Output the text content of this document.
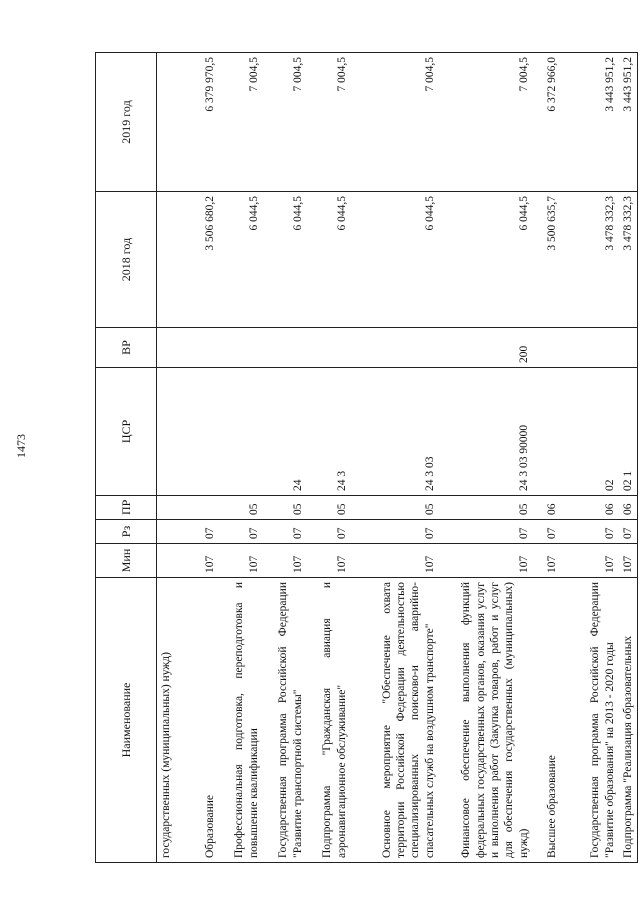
1473
Наименование	Мин	Рз	ПР	ЦСР	ВР	2018 год	2019 год
государственных (муниципальных) нужд)							
Образование	107	07				3 506 680,2	6 379 970,5
Профессиональная подготовка, переподготовка и повышение квалификации	107	07	05			6 044,5	7 004,5
Государственная программа Российской Федерации "Развитие транспортной системы"	107	07	05	24		6 044,5	7 004,5
Подпрограмма "Гражданская авиация и аэронавигационное обслуживание"	107	07	05	24 3		6 044,5	7 004,5
Основное мероприятие "Обеспечение охвата территории Российской Федерации деятельностью специализированных поисково-и аварийно-спасательных служб на воздушном транспорте"	107	07	05	24 3 03		6 044,5	7 004,5
Финансовое обеспечение выполнения функций федеральных государственных органов, оказания услуг и выполнения работ (Закупка товаров, работ и услуг для обеспечения государственных (муниципальных) нужд)	107	07	05	24 3 03 90000	200	6 044,5	7 004,5
Высшее образование	107	07	06			3 500 635,7	6 372 966,0
Государственная программа Российской Федерации "Развитие образования" на 2013 - 2020 годы	107	07	06	02		3 478 332,3	3 443 951,2
Подпрограмма "Реализация образовательных	107	07	06	02 1		3 478 332,3	3 443 951,2
